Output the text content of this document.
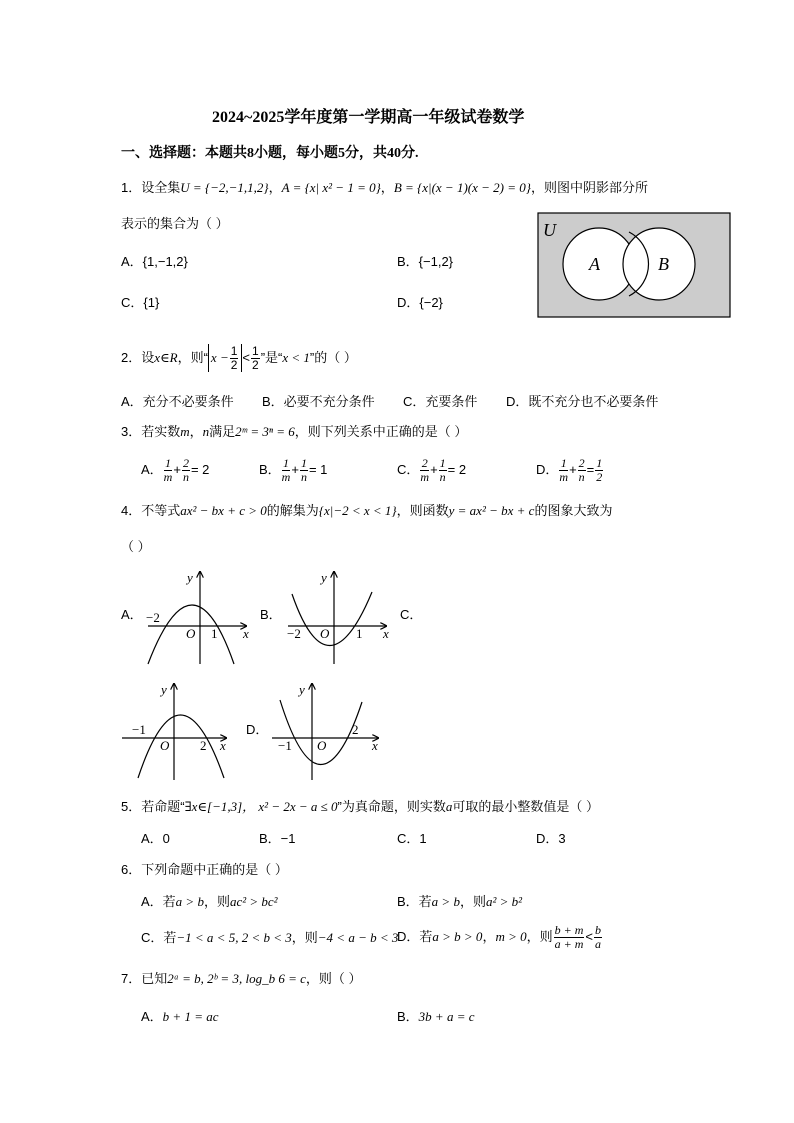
2024~2025学年度第一学期高一年级试卷数学
一、选择题：本题共8小题，每小题5分，共40分.
1．设全集U = {−2,−1,1,2}，A = {x| x² − 1 = 0}，B = {x|(x − 1)(x − 2) = 0}，则图中阴影部分所
表示的集合为（ ）
A．{1,−1,2}	B．{−1,2}
C．{1}	D．{−2}
U
A	B
2．设x∈R，则“ $x - \frac{1}{2} < \frac{1}{2}$ ”是“x < 1”的（ ）
A．充分不必要条件 B．必要不充分条件 C．充要条件 D．既不充分也不必要条件
3．若实数m，n满足2ᵐ = 3ⁿ = 6，则下列关系中正确的是（ ）
A． $\frac{1}{m} + \frac{2}{n} = 2$	B． $\frac{1}{m} + \frac{1}{n} = 1$	C． $\frac{2}{m} + \frac{1}{n} = 2$	D． $\frac{1}{m} + \frac{2}{n} = \frac{1}{2}$
4．不等式ax² − bx + c > 0的解集为{x|−2 < x < 1}，则函数y = ax² − bx + c的图象大致为
（ ）
A．	B．	C．
D．
−2
1
O	x
y
−2	1
O	x
y
−1
2
O	x
y
−1
2
O	x
y
5．若命题“∃x∈[−1,3]， x² − 2x − a ≤ 0”为真命题，则实数a可取的最小整数值是（ ）
A．0	B．−1	C．1	D．3
6．下列命题中正确的是（ ）
A．若a > b，则ac² > bc²	B．若a > b，则a² > b²
C．若−1 < a < 5, 2 < b < 3，则−4 < a − b < 3
D．若a > b > 0，m > 0，则 $\frac{b + m}{a + m} < \frac{b}{a}$
7．已知2ᵃ = b, 2ᵇ = 3, log_b 6 = c，则（ ）
A．b + 1 = ac	B．3b + a = c
